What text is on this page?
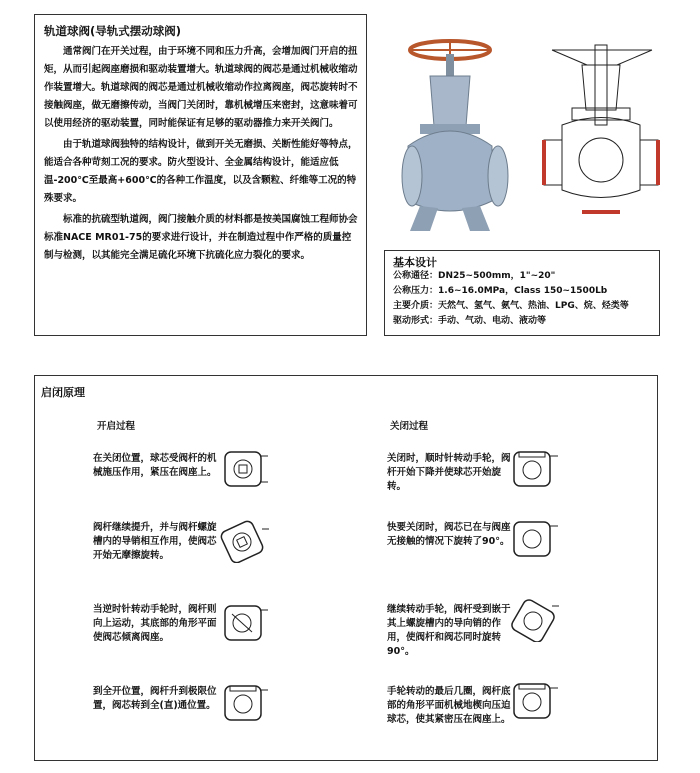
轨道球阀(导轨式摆动球阀)

通常阀门在开关过程，由于环境不同和压力升高，会增加阀门开启的扭矩，从而引起阀座磨损和驱动装置增大。轨道球阀的阀芯是通过机械收缩动作装置增大。轨道球阀的阀芯是通过机械收缩动作拉离阀座，阀芯旋转时不接触阀座，做无磨擦传动，当阀门关闭时，靠机械增压来密封，这意味着可以使用经济的驱动装置，同时能保证有足够的驱动器推力来开关阀门。

由于轨道球阀独特的结构设计，做到开关无磨损、关断性能好等特点，能适合各种苛刻工况的要求。防火型设计、全金属结构设计，能适应低温-200℃至最高+600℃的各种工作温度，以及含颗粒、纤维等工况的特殊要求。

标准的抗硫型轨道阀，阀门接触介质的材料都是按美国腐蚀工程师协会标准NACE MR01-75的要求进行设计，并在制造过程中作严格的质量控制与检测，以其能完全满足硫化环境下抗硫化应力裂化的要求。

基本设计
公称通径：DN25~500mm，1"~20"
公称压力：1.6~16.0MPa，Class 150~1500Lb
主要介质：天然气、氢气、氨气、热油、LPG、烷、烃类等
驱动形式：手动、气动、电动、液动等
启闭原理
开启过程	关闭过程
在关闭位置，球芯受阀杆的机械施压作用，紧压在阀座上。
阀杆继续提升，并与阀杆螺旋槽内的导销相互作用，使阀芯开始无摩擦旋转。
当逆时针转动手轮时，阀杆则向上运动，其底部的角形平面使阀芯倾离阀座。
到全开位置，阀杆升到极限位置，阀芯转到全(直)通位置。
关闭时，顺时针转动手轮，阀杆开始下降并使球芯开始旋转。
快要关闭时，阀芯已在与阀座无接触的情况下旋转了90°。
继续转动手轮，阀杆受到嵌于其上螺旋槽内的导向销的作用，使阀杆和阀芯同时旋转90°。
手轮转动的最后几圈，阀杆底部的角形平面机械地楔向压迫球芯，使其紧密压在阀座上。
